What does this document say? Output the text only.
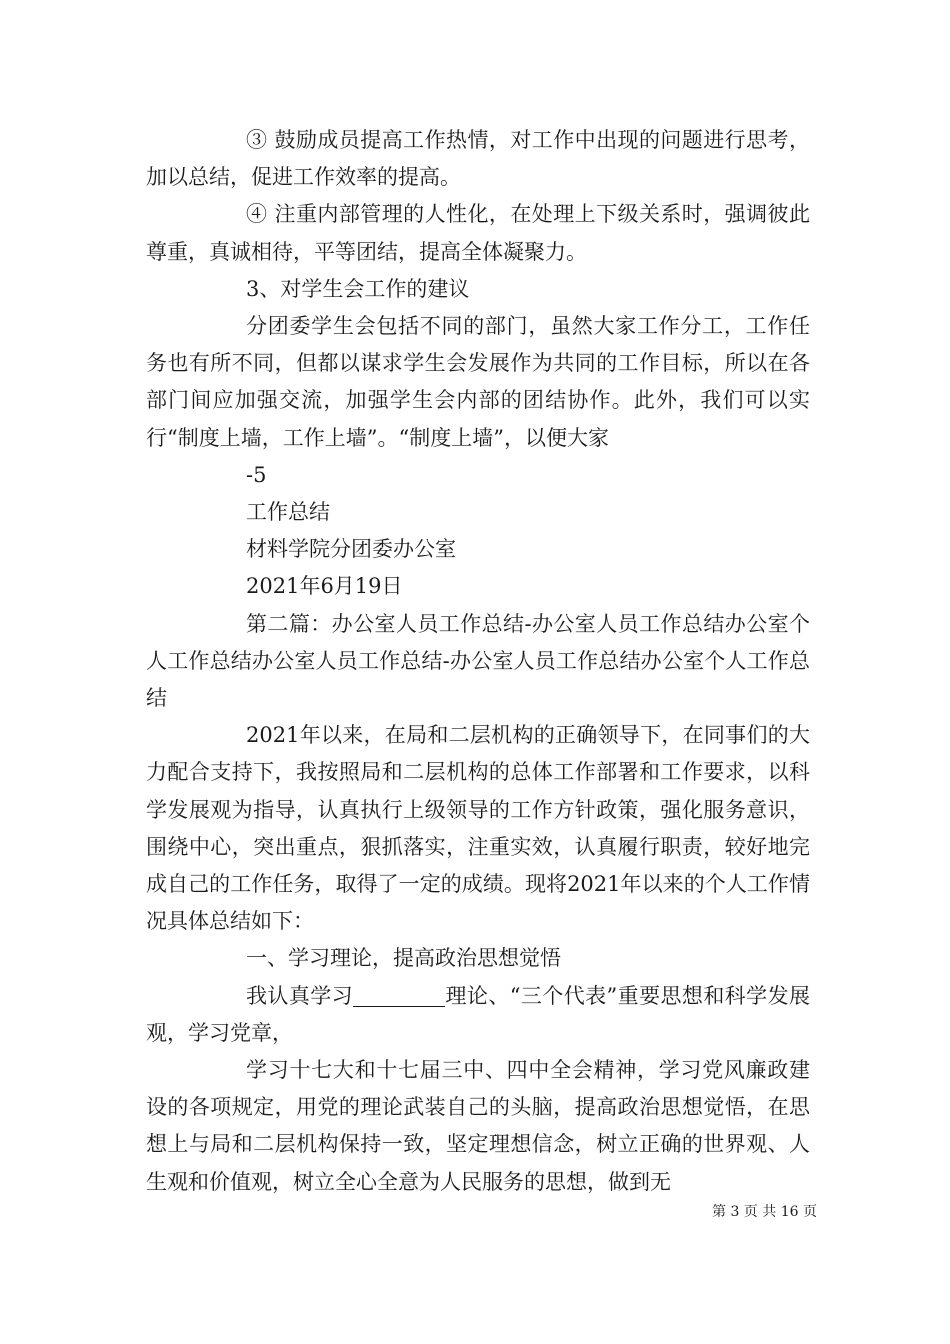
③ 鼓励成员提高工作热情，对工作中出现的问题进行思考，加以总结，促进工作效率的提高。

④ 注重内部管理的人性化，在处理上下级关系时，强调彼此尊重，真诚相待，平等团结，提高全体凝聚力。

3、对学生会工作的建议

分团委学生会包括不同的部门，虽然大家工作分工，工作任务也有所不同，但都以谋求学生会发展作为共同的工作目标，所以在各部门间应加强交流，加强学生会内部的团结协作。此外，我们可以实行“制度上墙，工作上墙”。“制度上墙”，以便大家

-5

工作总结

材料学院分团委办公室

2021年6月19日

第二篇：办公室人员工作总结-办公室人员工作总结办公室个人工作总结办公室人员工作总结-办公室人员工作总结办公室个人工作总结

2021年以来，在局和二层机构的正确领导下，在同事们的大力配合支持下，我按照局和二层机构的总体工作部署和工作要求，以科学发展观为指导，认真执行上级领导的工作方针政策，强化服务意识，围绕中心，突出重点，狠抓落实，注重实效，认真履行职责，较好地完成自己的工作任务，取得了一定的成绩。现将2021年以来的个人工作情况具体总结如下：

一、学习理论，提高政治思想觉悟

我认真学习	理论、“三个代表”重要思想和科学发展观，学习党章，

学习十七大和十七届三中、四中全会精神，学习党风廉政建设的各项规定，用党的理论武装自己的头脑，提高政治思想觉悟，在思想上与局和二层机构保持一致，坚定理想信念，树立正确的世界观、人生观和价值观，树立全心全意为人民服务的思想，做到无

第 3 页 共 16 页
